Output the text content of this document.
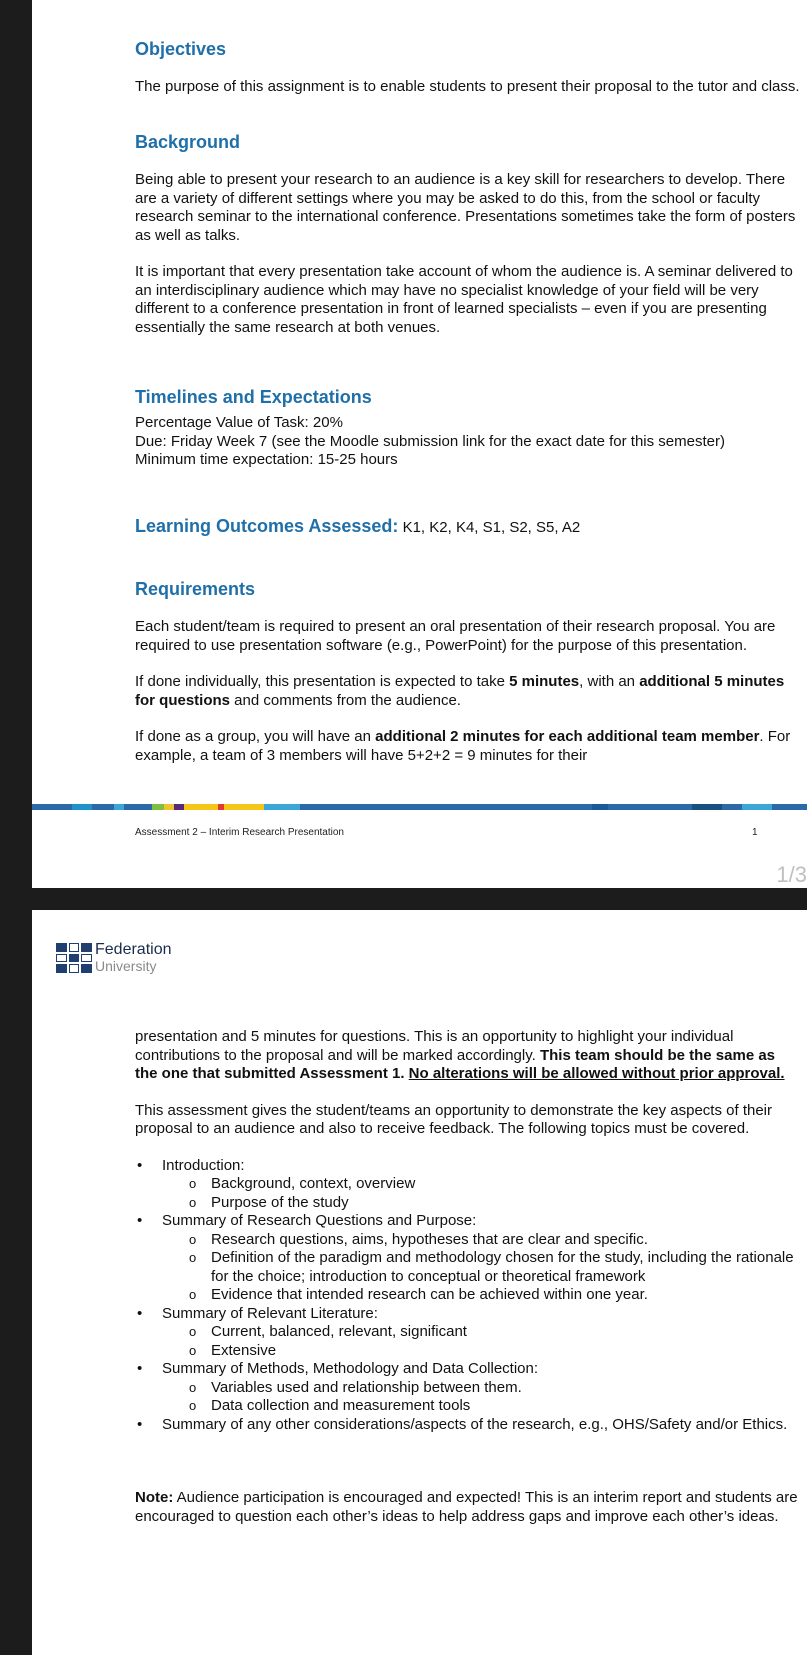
Objectives

The purpose of this assignment is to enable students to present their proposal to the tutor and class.

Background

Being able to present your research to an audience is a key skill for researchers to develop. There are a variety of different settings where you may be asked to do this, from the school or faculty research seminar to the international conference. Presentations sometimes take the form of posters as well as talks.

It is important that every presentation take account of whom the audience is. A seminar delivered to an interdisciplinary audience which may have no specialist knowledge of your field will be very different to a conference presentation in front of learned specialists – even if you are presenting essentially the same research at both venues.

Timelines and Expectations

Percentage Value of Task: 20%

Due: Friday Week 7 (see the Moodle submission link for the exact date for this semester)

Minimum time expectation: 15-25 hours

Learning Outcomes Assessed: K1, K2, K4, S1, S2, S5, A2
Requirements

Each student/team is required to present an oral presentation of their research proposal. You are required to use presentation software (e.g., PowerPoint) for the purpose of this presentation.

If done individually, this presentation is expected to take 5 minutes, with an additional 5 minutes for questions and comments from the audience.

If done as a group, you will have an additional 2 minutes for each additional team member. For example, a team of 3 members will have 5+2+2 = 9 minutes for their

Assessment 2 – Interim Research Presentation	1
1/3
Federation
University

presentation and 5 minutes for questions. This is an opportunity to highlight your individual contributions to the proposal and will be marked accordingly. This team should be the same as the one that submitted Assessment 1. No alterations will be allowed without prior approval.

This assessment gives the student/teams an opportunity to demonstrate the key aspects of their proposal to an audience and also to receive feedback. The following topics must be covered.

• Introduction:
o Background, context, overview
o Purpose of the study
• Summary of Research Questions and Purpose:
o Research questions, aims, hypotheses that are clear and specific.
o Definition of the paradigm and methodology chosen for the study, including the rationale for the choice; introduction to conceptual or theoretical framework
o Evidence that intended research can be achieved within one year.
• Summary of Relevant Literature:
o Current, balanced, relevant, significant
o Extensive
• Summary of Methods, Methodology and Data Collection:
o Variables used and relationship between them.
o Data collection and measurement tools
• Summary of any other considerations/aspects of the research, e.g., OHS/Safety and/or Ethics.

Note: Audience participation is encouraged and expected! This is an interim report and students are encouraged to question each other’s ideas to help address gaps and improve each other’s ideas.
